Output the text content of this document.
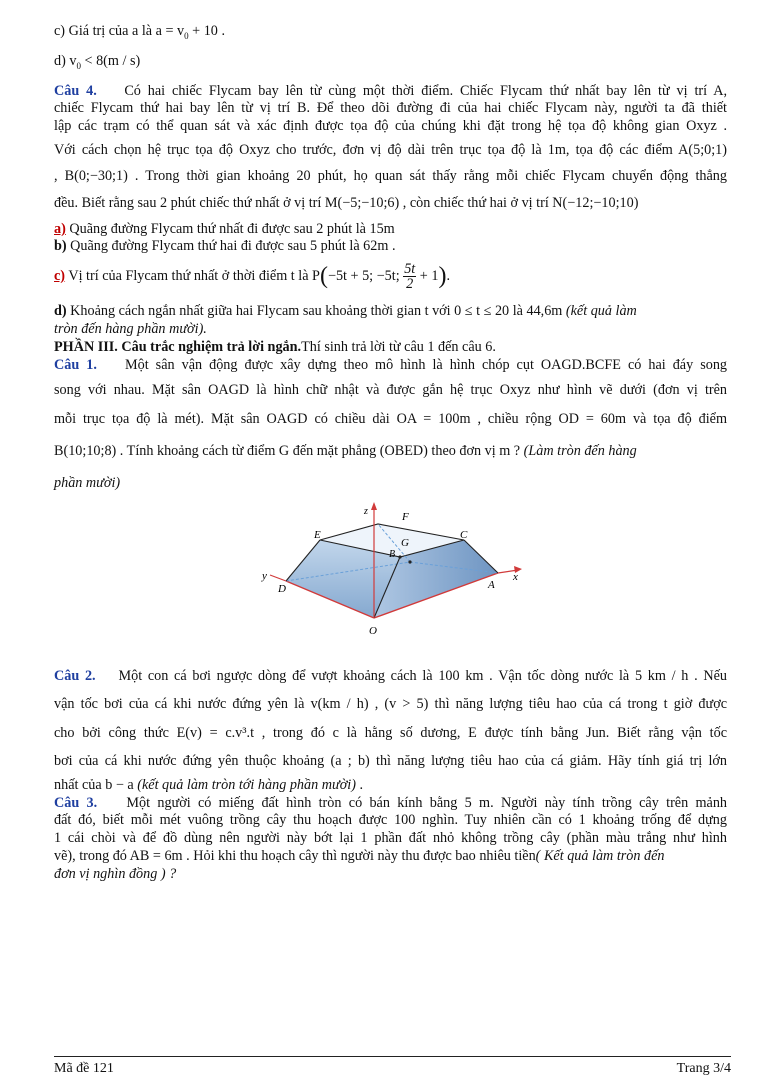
c) Giá trị của a là $a = v_0 + 10$ .
d) $v_0 < 8(m / s)$
Câu 4. Có hai chiếc Flycam bay lên từ cùng một thời điểm. Chiếc Flycam thứ nhất bay lên từ vị trí A,
chiếc Flycam thứ hai bay lên từ vị trí B. Để theo dõi đường đi của hai chiếc Flycam này, người ta đã thiết
lập các trạm có thể quan sát và xác định được tọa độ của chúng khi đặt trong hệ tọa độ không gian Oxyz .
Với cách chọn hệ trục tọa độ Oxyz cho trước, đơn vị độ dài trên trục tọa độ là 1m, tọa độ các điểm A(5;0;1)
, B(0;−30;1) . Trong thời gian khoảng 20 phút, họ quan sát thấy rằng mỗi chiếc Flycam chuyển động thẳng
đều. Biết rằng sau 2 phút chiếc thứ nhất ở vị trí M(−5;−10;6) , còn chiếc thứ hai ở vị trí N(−12;−10;10)
a) Quãng đường Flycam thứ nhất đi được sau 2 phút là 15m
b) Quãng đường Flycam thứ hai đi được sau 5 phút là 62m .
c) Vị trí của Flycam thứ nhất ở thời điểm t là P(−5t + 5; −5t; $\frac{5t}{2} + 1$).
d) Khoảng cách ngắn nhất giữa hai Flycam sau khoảng thời gian t với 0 ≤ t ≤ 20 là 44,6m (kết quả làm
tròn đến hàng phần mười).
PHẦN III. Câu trắc nghiệm trả lời ngắn.Thí sinh trả lời từ câu 1 đến câu 6.
Câu 1. Một sân vận động được xây dựng theo mô hình là hình chóp cụt OAGD.BCFE có hai đáy song
song với nhau. Mặt sân OAGD là hình chữ nhật và được gắn hệ trục Oxyz như hình vẽ dưới (đơn vị trên
mỗi trục tọa độ là mét). Mặt sân OAGD có chiều dài OA = 100m , chiều rộng OD = 60m và tọa độ điểm
B(10;10;8) . Tính khoảng cách từ điểm G đến mặt phẳng (OBED) theo đơn vị m ? (Làm tròn đến hàng
phần mười)
z	F
E	C
G
B
y
D	A
x
O
Câu 2. Một con cá bơi ngược dòng để vượt khoảng cách là 100 km . Vận tốc dòng nước là 5 km / h . Nếu
vận tốc bơi của cá khi nước đứng yên là v(km / h) , (v > 5) thì năng lượng tiêu hao của cá trong t giờ được
cho bởi công thức E(v) = c.v³.t , trong đó c là hằng số dương, E được tính bằng Jun. Biết rằng vận tốc
bơi của cá khi nước đứng yên thuộc khoảng (a ; b) thì năng lượng tiêu hao của cá giảm. Hãy tính giá trị lớn
nhất của b − a (kết quả làm tròn tới hàng phần mười) .
Câu 3. Một người có miếng đất hình tròn có bán kính bằng 5 m. Người này tính trồng cây trên mảnh
đất đó, biết mỗi mét vuông trồng cây thu hoạch được 100 nghìn. Tuy nhiên cần có 1 khoảng trống để dựng
1 cái chòi và để đồ dùng nên người này bớt lại 1 phần đất nhỏ không trồng cây (phần màu trắng như hình
vẽ), trong đó AB = 6m . Hỏi khi thu hoạch cây thì người này thu được bao nhiêu tiền( Kết quả làm tròn đến
đơn vị nghìn đồng ) ?
Mã đề 121	Trang 3/4
